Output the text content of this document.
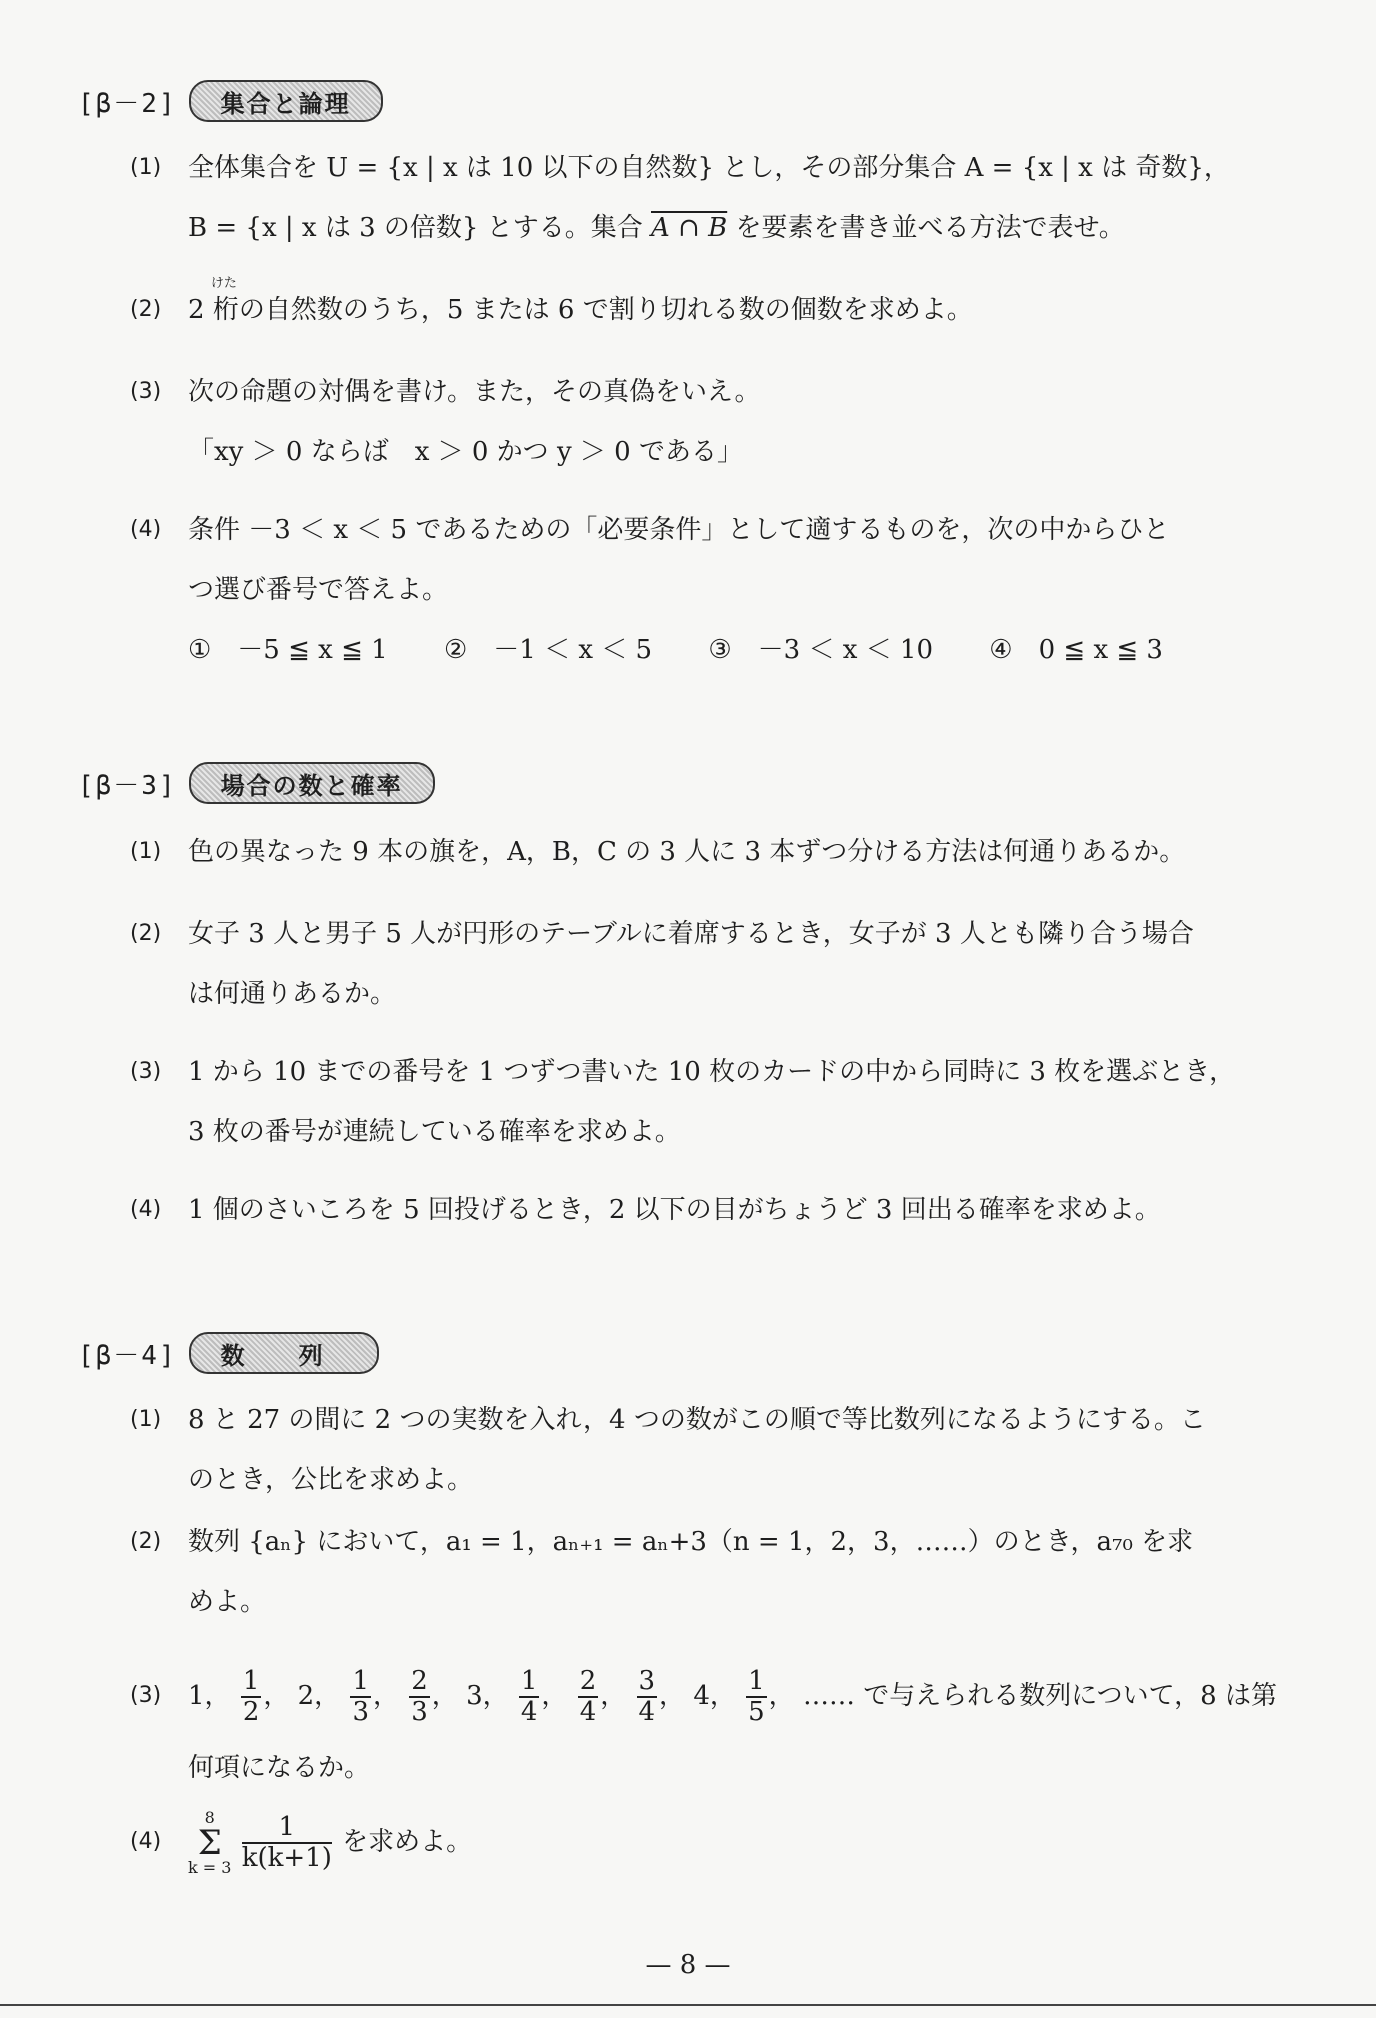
[β－2]	集合と論理
(1) 全体集合を U = {x | x は 10 以下の自然数} とし，その部分集合 A = {x | x は 奇数}，
B = {x | x は 3 の倍数} とする。集合 A ∩ B を要素を書き並べる方法で表せ。
(2) 2
けた
桁の自然数のうち，5 または 6 で割り切れる数の個数を求めよ。
(3) 次の命題の対偶を書け。また，その真偽をいえ。
「xy ＞ 0 ならば　x ＞ 0 かつ y ＞ 0 である」
(4) 条件 －3 ＜ x ＜ 5 であるための「必要条件」として適するものを，次の中からひと
つ選び番号で答えよ。
①　－5 ≦ x ≦ 1 ②　－1 ＜ x ＜ 5 ③　－3 ＜ x ＜ 10 ④　0 ≦ x ≦ 3
[β－3]	場合の数と確率
(1) 色の異なった 9 本の旗を，A，B，C の 3 人に 3 本ずつ分ける方法は何通りあるか。
(2) 女子 3 人と男子 5 人が円形のテーブルに着席するとき，女子が 3 人とも隣り合う場合
は何通りあるか。
(3) 1 から 10 までの番号を 1 つずつ書いた 10 枚のカードの中から同時に 3 枚を選ぶとき，
3 枚の番号が連続している確率を求めよ。
(4) 1 個のさいころを 5 回投げるとき，2 以下の目がちょうど 3 回出る確率を求めよ。
[β－4]	数列
(1) 8 と 27 の間に 2 つの実数を入れ，4 つの数がこの順で等比数列になるようにする。こ
のとき，公比を求めよ。
(2) 数列 {aₙ} において，a₁ = 1，aₙ₊₁ = aₙ+3（n = 1，2，3，……）のとき，a₇₀ を求
めよ。
(3) 1， $\frac{1}{2}$ ， 2， $\frac{1}{3}$ ， $\frac{2}{3}$ ， 3， $\frac{1}{4}$ ， $\frac{2}{4}$ ， $\frac{3}{4}$ ， 4， $\frac{1}{5}$ ， …… で与えられる数列について，8 は第
何項になるか。
(4)
8
Σ
$k = 3 \frac{1}{k(k+1)}$ を求めよ。
— 8 —
